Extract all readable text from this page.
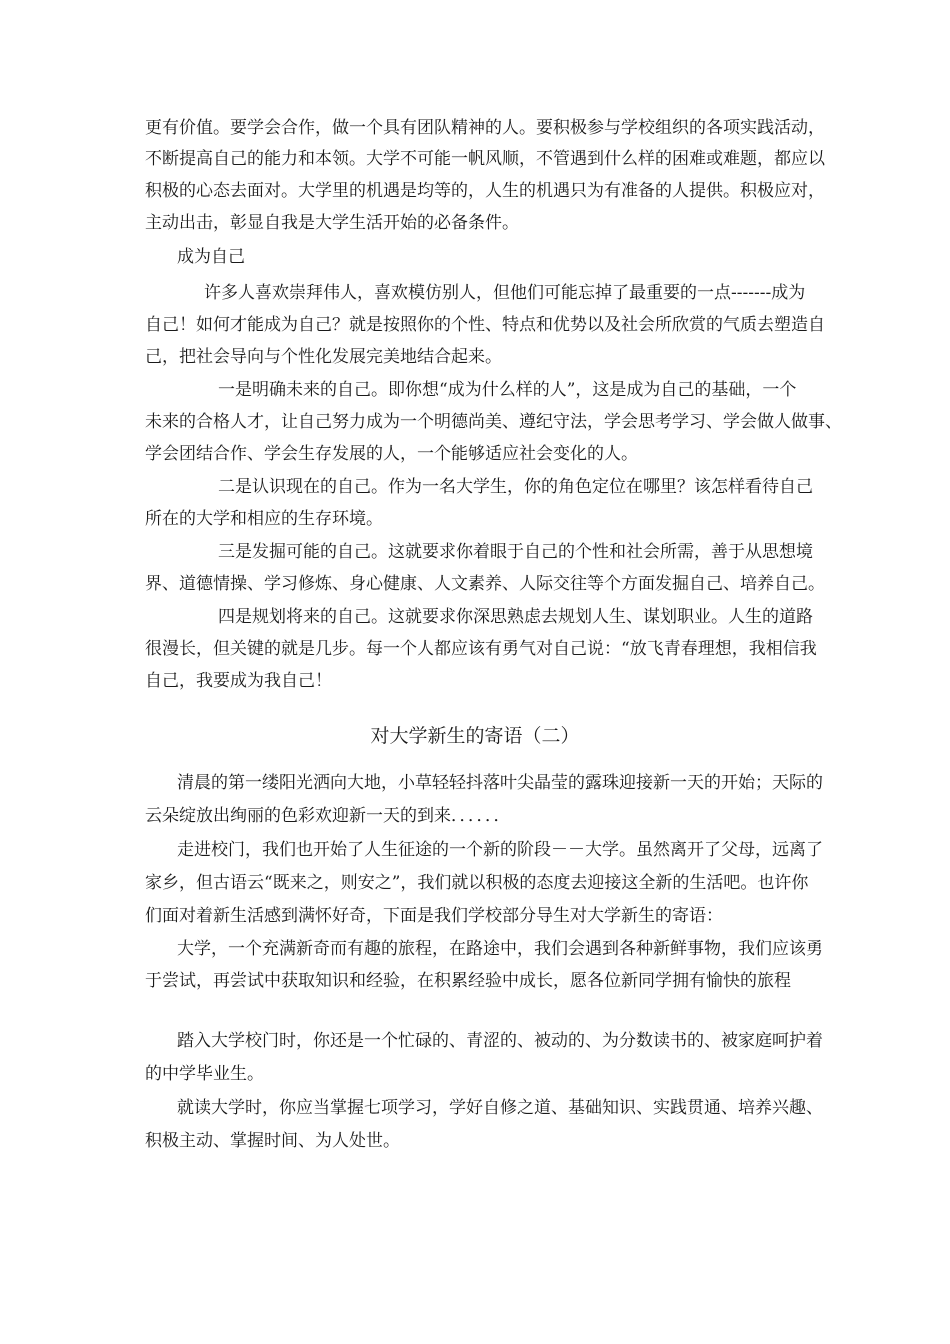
更有价值。要学会合作，做一个具有团队精神的人。要积极参与学校组织的各项实践活动，
不断提高自己的能力和本领。大学不可能一帆风顺，不管遇到什么样的困难或难题，都应以
积极的心态去面对。大学里的机遇是均等的，人生的机遇只为有准备的人提供。积极应对，
主动出击，彰显自我是大学生活开始的必备条件。
成为自己
许多人喜欢崇拜伟人，喜欢模仿别人，但他们可能忘掉了最重要的一点-------成为
自己！如何才能成为自己？就是按照你的个性、特点和优势以及社会所欣赏的气质去塑造自
己，把社会导向与个性化发展完美地结合起来。
一是明确未来的自己。即你想“成为什么样的人”，这是成为自己的基础，一个
未来的合格人才，让自己努力成为一个明德尚美、遵纪守法，学会思考学习、学会做人做事、
学会团结合作、学会生存发展的人，一个能够适应社会变化的人。
二是认识现在的自己。作为一名大学生，你的角色定位在哪里？该怎样看待自己
所在的大学和相应的生存环境。
三是发掘可能的自己。这就要求你着眼于自己的个性和社会所需，善于从思想境
界、道德情操、学习修炼、身心健康、人文素养、人际交往等个方面发掘自己、培养自己。
四是规划将来的自己。这就要求你深思熟虑去规划人生、谋划职业。人生的道路
很漫长，但关键的就是几步。每一个人都应该有勇气对自己说：“放飞青春理想，我相信我
自己，我要成为我自己！
对大学新生的寄语（二）
清晨的第一缕阳光洒向大地，小草轻轻抖落叶尖晶莹的露珠迎接新一天的开始；天际的
云朵绽放出绚丽的色彩欢迎新一天的到来．．．．．．
走进校门，我们也开始了人生征途的一个新的阶段－－大学。虽然离开了父母，远离了
家乡，但古语云“既来之，则安之”，我们就以积极的态度去迎接这全新的生活吧。也许你
们面对着新生活感到满怀好奇，下面是我们学校部分导生对大学新生的寄语：
大学，一个充满新奇而有趣的旅程，在路途中，我们会遇到各种新鲜事物，我们应该勇
于尝试，再尝试中获取知识和经验，在积累经验中成长，愿各位新同学拥有愉快的旅程
踏入大学校门时，你还是一个忙碌的、青涩的、被动的、为分数读书的、被家庭呵护着
的中学毕业生。
就读大学时，你应当掌握七项学习，学好自修之道、基础知识、实践贯通、培养兴趣、
积极主动、掌握时间、为人处世。
